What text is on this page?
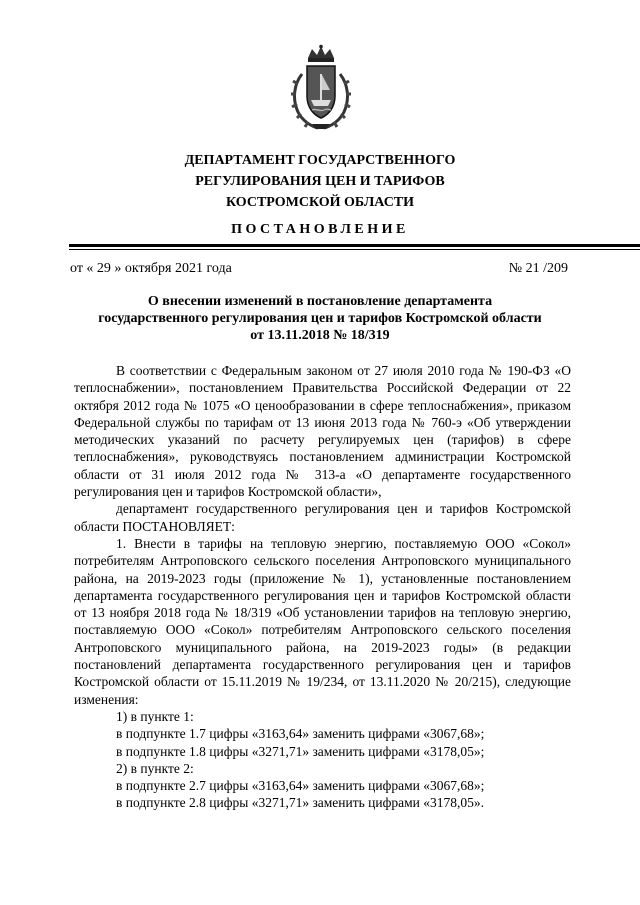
ДЕПАРТАМЕНТ ГОСУДАРСТВЕННОГО
РЕГУЛИРОВАНИЯ ЦЕН И ТАРИФОВ
КОСТРОМСКОЙ ОБЛАСТИ
ПОСТАНОВЛЕНИЕ
от « 29 » октября 2021 года	№ 21 /209
О внесении изменений в постановление департамента
государственного регулирования цен и тарифов Костромской области
от 13.11.2018 № 18/319

В соответствии с Федеральным законом от 27 июля 2010 года № 190-ФЗ «О теплоснабжении», постановлением Правительства Российской Федерации от 22 октября 2012 года № 1075 «О ценообразовании в сфере теплоснабжения», приказом Федеральной службы по тарифам от 13 июня 2013 года № 760-э «Об утверждении методических указаний по расчету регулируемых цен (тарифов) в сфере теплоснабжения», руководствуясь постановлением администрации Костромской области от 31 июля 2012 года № 313-а «О департаменте государственного регулирования цен и тарифов Костромской области»,

департамент государственного регулирования цен и тарифов Костромской области ПОСТАНОВЛЯЕТ:

1. Внести в тарифы на тепловую энергию, поставляемую ООО «Сокол» потребителям Антроповского сельского поселения Антроповского муниципального района, на 2019-2023 годы (приложение № 1), установленные постановлением департамента государственного регулирования цен и тарифов Костромской области от 13 ноября 2018 года № 18/319 «Об установлении тарифов на тепловую энергию, поставляемую ООО «Сокол» потребителям Антроповского сельского поселения Антроповского муниципального района, на 2019-2023 годы» (в редакции постановлений департамента государственного регулирования цен и тарифов Костромской области от 15.11.2019 № 19/234, от 13.11.2020 № 20/215), следующие изменения:

1) в пункте 1:

в подпункте 1.7 цифры «3163,64» заменить цифрами «3067,68»;

в подпункте 1.8 цифры «3271,71» заменить цифрами «3178,05»;

2) в пункте 2:

в подпункте 2.7 цифры «3163,64» заменить цифрами «3067,68»;

в подпункте 2.8 цифры «3271,71» заменить цифрами «3178,05».
